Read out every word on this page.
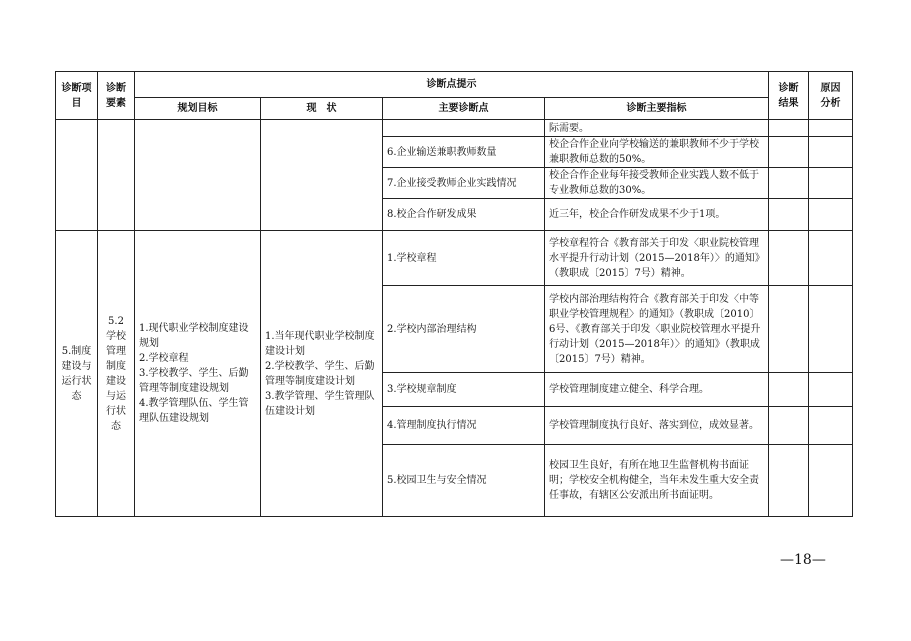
诊断项目	诊断要素	诊断点提示				诊断结果	原因分析
		规划目标	现　状	主要诊断点	诊断主要指标		
					际需要。		
				6.企业输送兼职教师数量	校企合作企业向学校输送的兼职教师不少于学校兼职教师总数的50%。		
				7.企业接受教师企业实践情况	校企合作企业每年接受教师企业实践人数不低于专业教师总数的30%。		
				8.校企合作研发成果	近三年，校企合作研发成果不少于1项。		
5.制度建设与运行状态	5.2学校管理制度建设与运行状态	1.现代职业学校制度建设规划
2.学校章程
3.学校教学、学生、后勤管理等制度建设规划
4.教学管理队伍、学生管理队伍建设规划	1.当年现代职业学校制度建设计划
2.学校教学、学生、后勤管理等制度建设计划
3.教学管理、学生管理队伍建设计划	1.学校章程	学校章程符合《教育部关于印发〈职业院校管理水平提升行动计划（2015—2018年）〉的通知》（教职成〔2015〕7号）精神。		
				2.学校内部治理结构	学校内部治理结构符合《教育部关于印发〈中等职业学校管理规程〉的通知》（教职成〔2010〕6号、《教育部关于印发〈职业院校管理水平提升行动计划（2015—2018年）〉的通知》（教职成〔2015〕7号）精神。		
				3.学校规章制度	学校管理制度建立健全、科学合理。		
				4.管理制度执行情况	学校管理制度执行良好、落实到位，成效显著。		
				5.校园卫生与安全情况	校园卫生良好，有所在地卫生监督机构书面证明；学校安全机构健全，当年未发生重大安全责任事故，有辖区公安派出所书面证明。		
—18—
